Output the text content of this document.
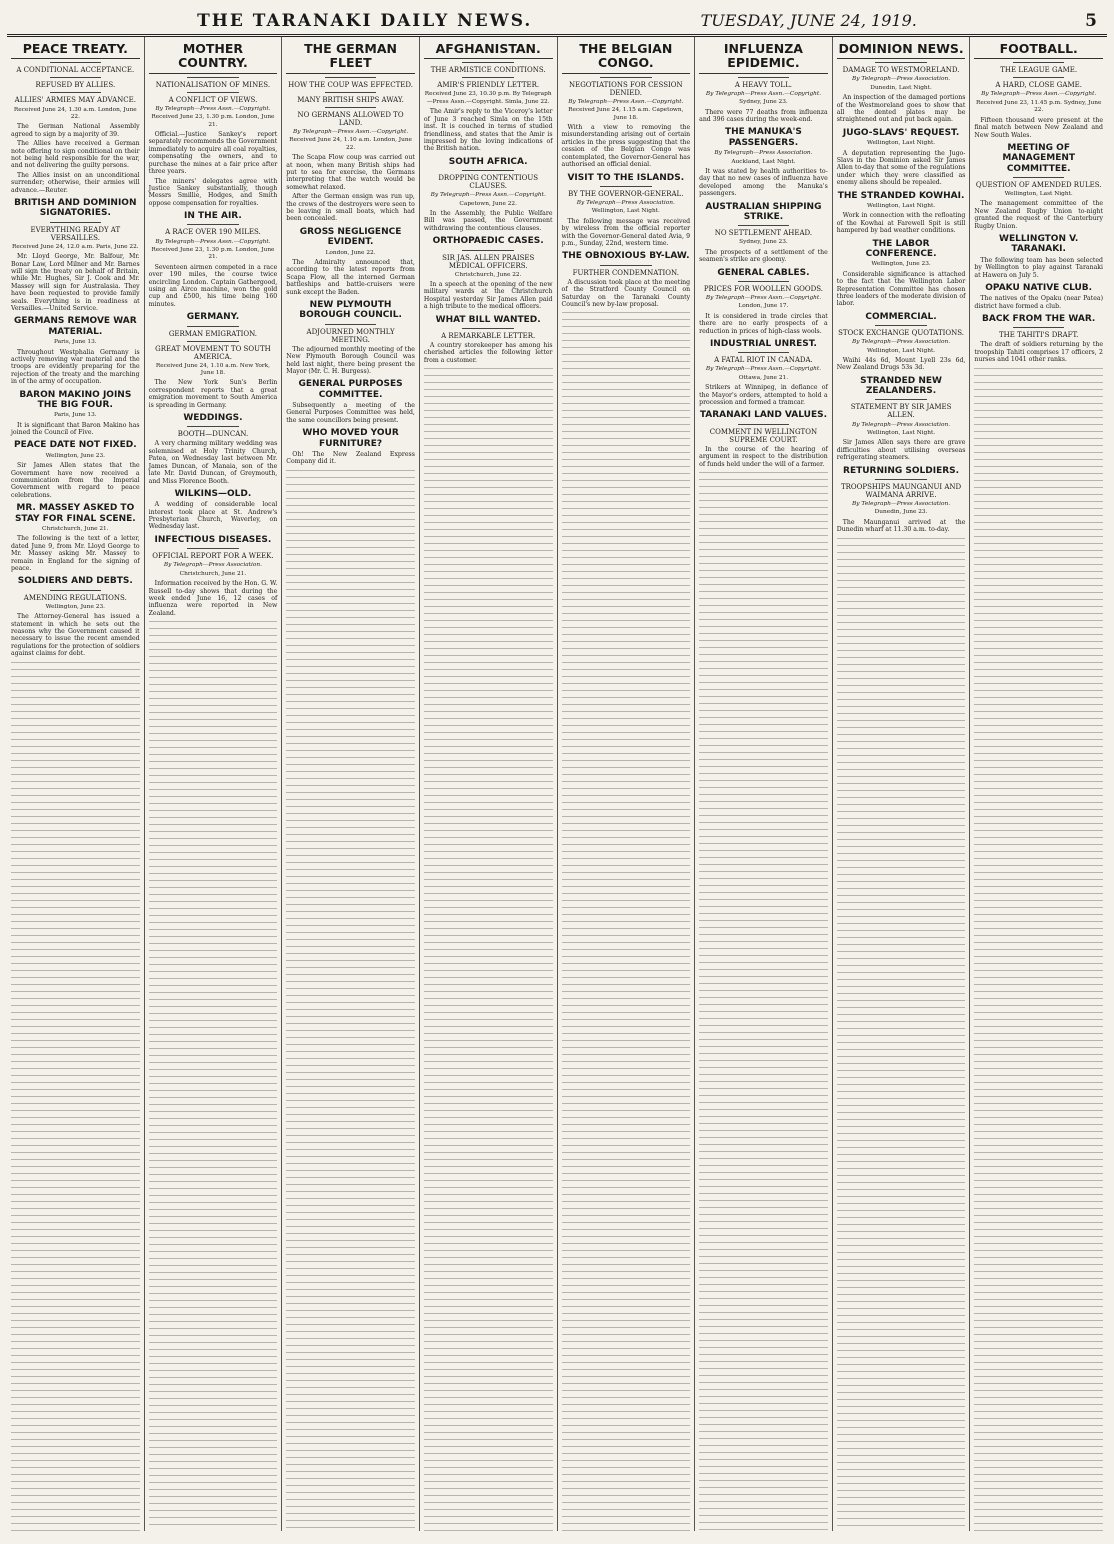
THE TARANAKI DAILY NEWS.	TUESDAY, JUNE 24, 1919.	5
PEACE TREATY.
A CONDITIONAL ACCEPTANCE.
REFUSED BY ALLIES.
ALLIES' ARMIES MAY ADVANCE.
Received June 24, 1.30 a.m. London, June 22.

The German National Assembly agreed to sign by a majority of 39.

The Allies have received a German note offering to sign conditional on their not being held responsible for the war, and not delivering the guilty persons.

The Allies insist on an unconditional surrender; otherwise, their armies will advance.—Reuter.

BRITISH AND DOMINION SIGNATORIES.
EVERYTHING READY AT VERSAILLES.
Received June 24, 12.0 a.m. Paris, June 22.

Mr. Lloyd George, Mr. Balfour, Mr. Bonar Law, Lord Milner and Mr. Barnes will sign the treaty on behalf of Britain, while Mr. Hughes, Sir J. Cook and Mr. Massey will sign for Australasia. They have been requested to provide family seals. Everything is in readiness at Versailles.—United Service.

GERMANS REMOVE WAR MATERIAL.
Paris, June 13.

Throughout Westphalia Germany is actively removing war material and the troops are evidently preparing for the rejection of the treaty and the marching in of the army of occupation.

BARON MAKINO JOINS THE BIG FOUR.
Paris, June 13.

It is significant that Baron Makino has joined the Council of Five.

PEACE DATE NOT FIXED.
Wellington, June 23.

Sir James Allen states that the Government have now received a communication from the Imperial Government with regard to peace celebrations.

MR. MASSEY ASKED TO STAY FOR FINAL SCENE.
Christchurch, June 21.

The following is the text of a letter, dated June 9, from Mr. Lloyd George to Mr. Massey asking Mr. Massey to remain in England for the signing of peace.

SOLDIERS AND DEBTS.
AMENDING REGULATIONS.
Wellington, June 23.

The Attorney-General has issued a statement in which he sets out the reasons why the Government caused it necessary to issue the recent amended regulations for the protection of soldiers against claims for debt.

MOTHER COUNTRY.
NATIONALISATION OF MINES.
A CONFLICT OF VIEWS.
By Telegraph—Press Assn.—Copyright.
Received June 23, 1.30 p.m. London, June 21.

Official.—Justice Sankey's report separately recommends the Government immediately to acquire all coal royalties, compensating the owners, and to purchase the mines at a fair price after three years.

The miners' delegates agree with Justice Sankey substantially, though Messrs Smillie, Hodges, and Smith oppose compensation for royalties.

IN THE AIR.
A RACE OVER 190 MILES.
By Telegraph—Press Assn.—Copyright.
Received June 23, 1.30 p.m. London, June 21.

Seventeen airmen competed in a race over 190 miles, the course twice encircling London. Captain Gathergood, using an Airco machine, won the gold cup and £500, his time being 160 minutes.

GERMANY.
GERMAN EMIGRATION.
GREAT MOVEMENT TO SOUTH AMERICA.
Received June 24, 1.10 a.m. New York, June 18.

The New York Sun's Berlin correspondent reports that a great emigration movement to South America is spreading in Germany.

WEDDINGS.
BOOTH—DUNCAN.

A very charming military wedding was solemnised at Holy Trinity Church, Patea, on Wednesday last between Mr. James Duncan, of Manaia, son of the late Mr. David Duncan, of Greymouth, and Miss Florence Booth.

WILKINS—OLD.

A wedding of considerable local interest took place at St. Andrew's Presbyterian Church, Waverley, on Wednesday last.

INFECTIOUS DISEASES.
OFFICIAL REPORT FOR A WEEK.
By Telegraph—Press Association.
Christchurch, June 21.

Information received by the Hon. G. W. Russell to-day shows that during the week ended June 16, 12 cases of influenza were reported in New Zealand.

THE GERMAN FLEET
HOW THE COUP WAS EFFECTED.
MANY BRITISH SHIPS AWAY.
NO GERMANS ALLOWED TO LAND.
By Telegraph—Press Assn.—Copyright.
Received June 24, 1.10 a.m. London, June 22.

The Scapa Flow coup was carried out at noon, when many British ships had put to sea for exercise, the Germans interpreting that the watch would be somewhat relaxed.

After the German ensign was run up, the crews of the destroyers were seen to be leaving in small boats, which had been concealed.

GROSS NEGLIGENCE EVIDENT.
London, June 22.

The Admiralty announced that, according to the latest reports from Scapa Flow, all the interned German battleships and battle-cruisers were sunk except the Baden.

NEW PLYMOUTH BOROUGH COUNCIL.
ADJOURNED MONTHLY MEETING.

The adjourned monthly meeting of the New Plymouth Borough Council was held last night, there being present the Mayor (Mr. C. H. Burgess).

GENERAL PURPOSES COMMITTEE.

Subsequently a meeting of the General Purposes Committee was held, the same councillors being present.

WHO MOVED YOUR FURNITURE?

Oh! The New Zealand Express Company did it.

AFGHANISTAN.
THE ARMISTICE CONDITIONS.
AMIR'S FRIENDLY LETTER.
Received June 23, 10.30 p.m. By Telegraph—Press Assn.—Copyright. Simla, June 22.

The Amir's reply to the Viceroy's letter of June 3 reached Simla on the 15th inst. It is couched in terms of studied friendliness, and states that the Amir is impressed by the loving indications of the British nation.

SOUTH AFRICA.
DROPPING CONTENTIOUS CLAUSES.
By Telegraph—Press Assn.—Copyright.
Capetown, June 22.

In the Assembly, the Public Welfare Bill was passed, the Government withdrawing the contentious clauses.

ORTHOPAEDIC CASES.
SIR JAS. ALLEN PRAISES MEDICAL OFFICERS.
Christchurch, June 22.

In a speech at the opening of the new military wards at the Christchurch Hospital yesterday Sir James Allen paid a high tribute to the medical officers.

WHAT BILL WANTED.
A REMARKABLE LETTER.

A country storekeeper has among his cherished articles the following letter from a customer.

THE BELGIAN CONGO.
NEGOTIATIONS FOR CESSION DENIED.
By Telegraph—Press Assn.—Copyright.
Received June 24, 1.15 a.m. Capetown, June 18.

With a view to removing the misunderstanding arising out of certain articles in the press suggesting that the cession of the Belgian Congo was contemplated, the Governor-General has authorised an official denial.

VISIT TO THE ISLANDS.
BY THE GOVERNOR-GENERAL.
By Telegraph—Press Association.
Wellington, Last Night.

The following message was received by wireless from the official reporter with the Governor-General dated Avia, 9 p.m., Sunday, 22nd, western time.

THE OBNOXIOUS BY-LAW.
FURTHER CONDEMNATION.

A discussion took place at the meeting of the Stratford County Council on Saturday on the Taranaki County Council's new by-law proposal.

INFLUENZA EPIDEMIC.
A HEAVY TOLL.
By Telegraph—Press Assn.—Copyright.
Sydney, June 23.

There were 77 deaths from influenza and 396 cases during the week-end.

THE MANUKA'S PASSENGERS.
By Telegraph—Press Association.
Auckland, Last Night.

It was stated by health authorities to-day that no new cases of influenza have developed among the Manuka's passengers.

AUSTRALIAN SHIPPING STRIKE.
NO SETTLEMENT AHEAD.
Sydney, June 23.

The prospects of a settlement of the seamen's strike are gloomy.

GENERAL CABLES.
PRICES FOR WOOLLEN GOODS.
By Telegraph—Press Assn.—Copyright.
London, June 17.

It is considered in trade circles that there are no early prospects of a reduction in prices of high-class wools.

INDUSTRIAL UNREST.
A FATAL RIOT IN CANADA.
By Telegraph—Press Assn.—Copyright.
Ottawa, June 21.

Strikers at Winnipeg, in defiance of the Mayor's orders, attempted to hold a procession and formed a tramcar.

TARANAKI LAND VALUES.
COMMENT IN WELLINGTON SUPREME COURT.

In the course of the hearing of argument in respect to the distribution of funds held under the will of a farmer.

DOMINION NEWS.
DAMAGE TO WESTMORELAND.
By Telegraph—Press Association.
Dunedin, Last Night.

An inspection of the damaged portions of the Westmoreland goes to show that all the dented plates may be straightened out and put back again.

JUGO-SLAVS' REQUEST.
Wellington, Last Night.

A deputation representing the Jugo-Slavs in the Dominion asked Sir James Allen to-day that some of the regulations under which they were classified as enemy aliens should be repealed.

THE STRANDED KOWHAI.
Wellington, Last Night.

Work in connection with the refloating of the Kowhai at Farewell Spit is still hampered by bad weather conditions.

THE LABOR CONFERENCE.
Wellington, June 23.

Considerable significance is attached to the fact that the Wellington Labor Representation Committee has chosen three leaders of the moderate division of labor.

COMMERCIAL.
STOCK EXCHANGE QUOTATIONS.
By Telegraph—Press Association.
Wellington, Last Night.

Waihi 44s 6d, Mount Lyell 23s 6d, New Zealand Drugs 53s 3d.

STRANDED NEW ZEALANDERS.
STATEMENT BY SIR JAMES ALLEN.
By Telegraph—Press Association.
Wellington, Last Night.

Sir James Allen says there are grave difficulties about utilising overseas refrigerating steamers.

RETURNING SOLDIERS.
TROOPSHIPS MAUNGANUI AND WAIMANA ARRIVE.
By Telegraph—Press Association.
Dunedin, June 23.

The Maunganui arrived at the Dunedin wharf at 11.30 a.m. to-day.

FOOTBALL.
THE LEAGUE GAME.
A HARD, CLOSE GAME.
By Telegraph—Press Assn.—Copyright.
Received June 23, 11.45 p.m. Sydney, June 22.

Fifteen thousand were present at the final match between New Zealand and New South Wales.

MEETING OF MANAGEMENT COMMITTEE.
QUESTION OF AMENDED RULES.
Wellington, Last Night.

The management committee of the New Zealand Rugby Union to-night granted the request of the Canterbury Rugby Union.

WELLINGTON V. TARANAKI.

The following team has been selected by Wellington to play against Taranaki at Hawera on July 5.

OPAKU NATIVE CLUB.

The natives of the Opaku (near Patea) district have formed a club.

BACK FROM THE WAR.
THE TAHITI'S DRAFT.

The draft of soldiers returning by the troopship Tahiti comprises 17 officers, 2 nurses and 1041 other ranks.
